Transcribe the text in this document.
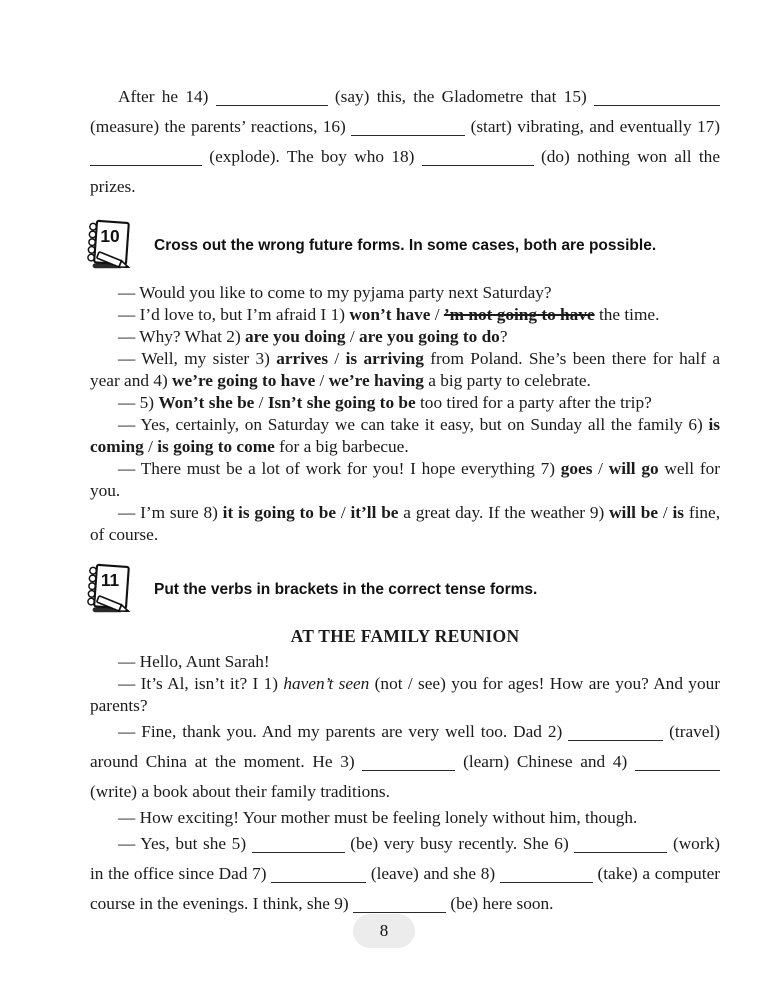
After he 14)	(say) this, the Gladometre that 15)  (measure) the parents’ reactions, 16)	(start) vibrating, and eventually 17)  (explode). The boy who 18)	(do) nothing won all the prizes.

10 Cross out the wrong future forms. In some cases, both are possible.

— Would you like to come to my pyjama party next Saturday?

— I’d love to, but I’m afraid I 1) won’t have / ’m not going to have the time.

— Why? What 2) are you doing / are you going to do?

— Well, my sister 3) arrives / is arriving from Poland. She’s been there for half a year and 4) we’re going to have / we’re having a big party to celebrate.

— 5) Won’t she be / Isn’t she going to be too tired for a party after the trip?

— Yes, certainly, on Saturday we can take it easy, but on Sunday all the family 6) is coming / is going to come for a big barbecue.

— There must be a lot of work for you! I hope everything 7) goes / will go well for you.

— I’m sure 8) it is going to be / it’ll be a great day. If the weather 9) will be / is fine, of course.

11 Put the verbs in brackets in the correct tense forms.
AT THE FAMILY REUNION

— Hello, Aunt Sarah!

— It’s Al, isn’t it? I 1) haven’t seen (not / see) you for ages! How are you? And your parents?

— Fine, thank you. And my parents are very well too. Dad 2)	(travel) around China at the moment. He 3)	(learn) Chinese and 4)  (write) a book about their family traditions.

— How exciting! Your mother must be feeling lonely without him, though.

— Yes, but she 5)	(be) very busy recently. She 6)	(work) in the office since Dad 7)	(leave) and she 8)	(take) a computer course in the evenings. I think, she 9)	(be) here soon.

8
